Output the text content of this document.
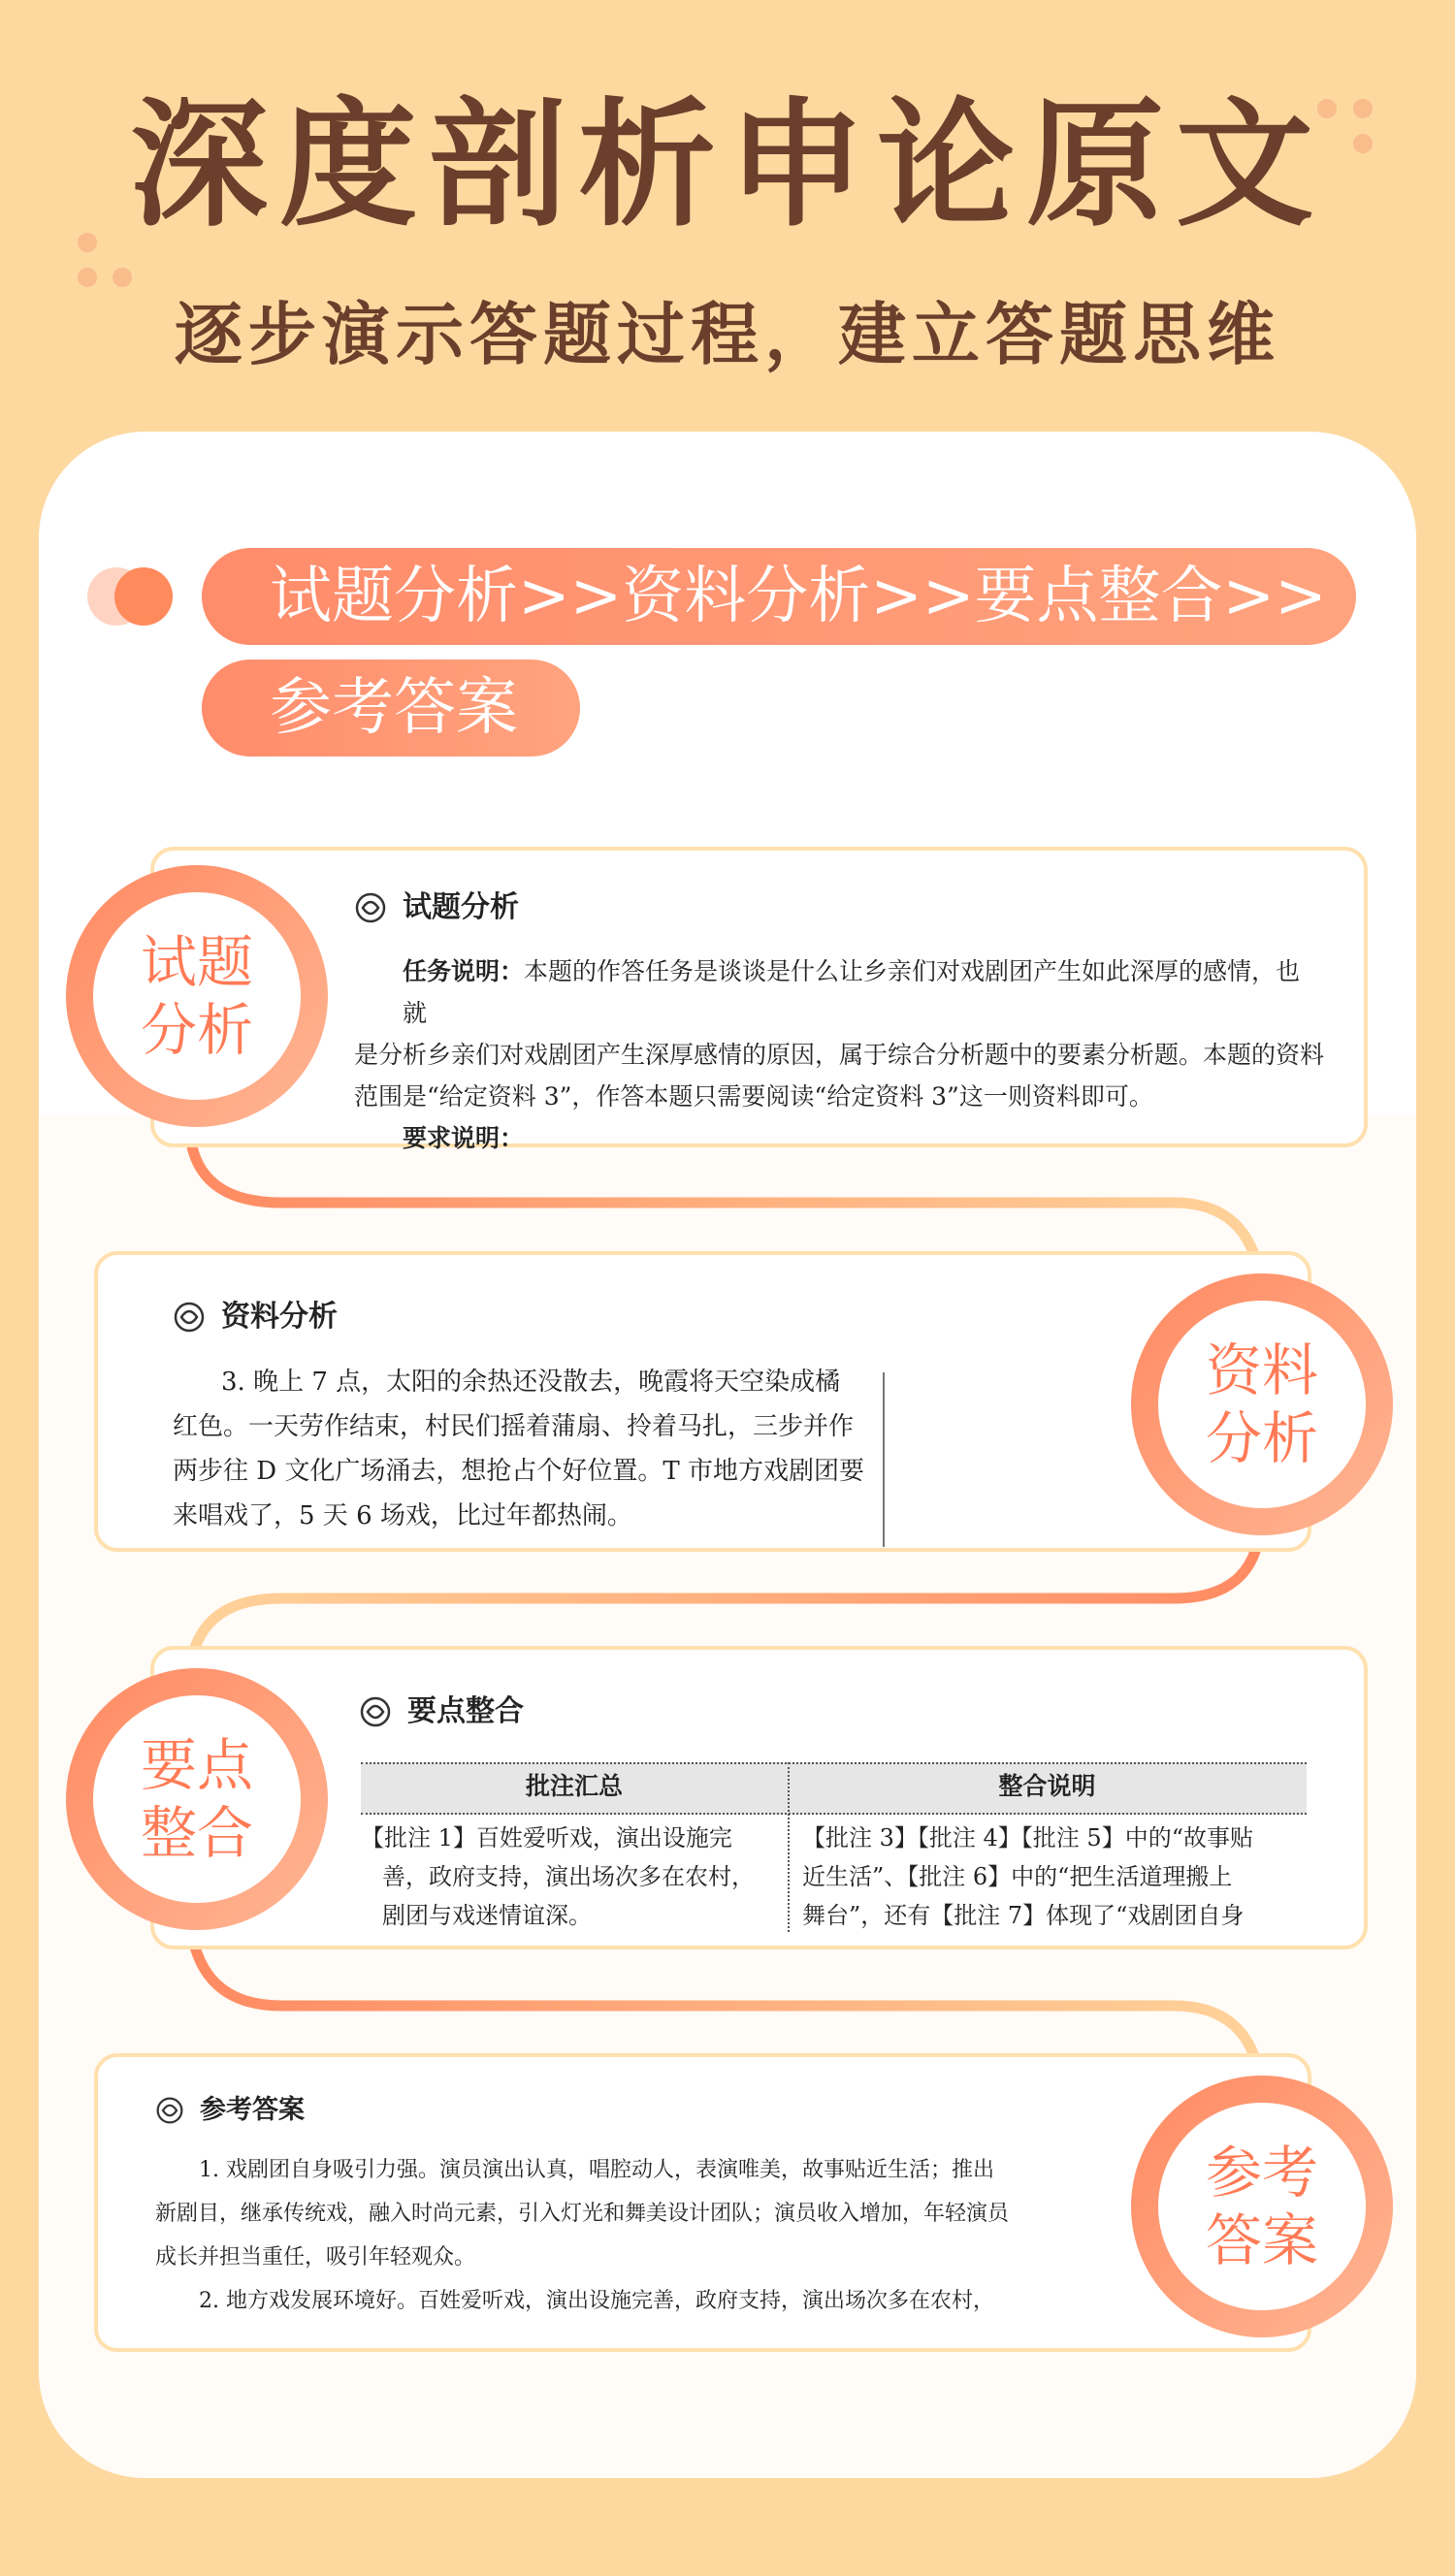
深度剖析申论原文
逐步演示答题过程，建立答题思维
试题分析>>资料分析>>要点整合>>
参考答案
试题
分析
试题分析
任务说明：本题的作答任务是谈谈是什么让乡亲们对戏剧团产生如此深厚的感情，也就
是分析乡亲们对戏剧团产生深厚感情的原因，属于综合分析题中的要素分析题。本题的资料
范围是“给定资料 3”，作答本题只需要阅读“给定资料 3”这一则资料即可。
要求说明：
资料
分析
资料分析
3. 晚上 7 点，太阳的余热还没散去，晚霞将天空染成橘
红色。一天劳作结束，村民们摇着蒲扇、拎着马扎，三步并作
两步往 D 文化广场涌去，想抢占个好位置。T 市地方戏剧团要
来唱戏了，5 天 6 场戏，比过年都热闹。
要点
整合
要点整合
批注汇总	整合说明
【批注 1】百姓爱听戏，演出设施完
善，政府支持，演出场次多在农村，
剧团与戏迷情谊深。
【批注 3】【批注 4】【批注 5】中的“故事贴
近生活”、【批注 6】中的“把生活道理搬上
舞台”，还有【批注 7】体现了“戏剧团自身
参考
答案
参考答案
1. 戏剧团自身吸引力强。演员演出认真，唱腔动人，表演唯美，故事贴近生活；推出
新剧目，继承传统戏，融入时尚元素，引入灯光和舞美设计团队；演员收入增加，年轻演员
成长并担当重任，吸引年轻观众。
2. 地方戏发展环境好。百姓爱听戏，演出设施完善，政府支持，演出场次多在农村，
